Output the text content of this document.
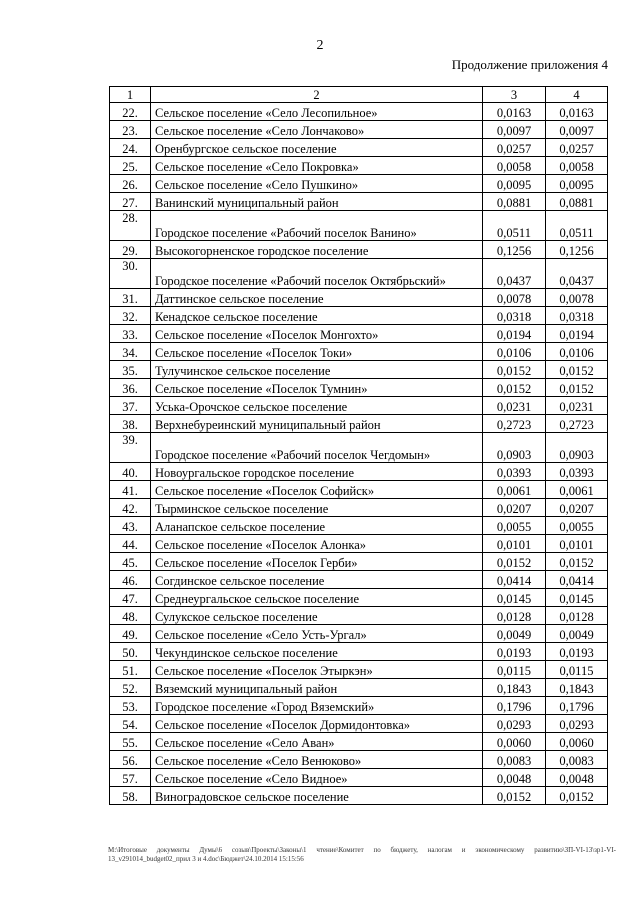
2
Продолжение приложения 4
1	2	3	4
22.	Сельское поселение «Село Лесопильное»	0,0163	0,0163
23.	Сельское поселение «Село Лончаково»	0,0097	0,0097
24.	Оренбургское сельское поселение	0,0257	0,0257
25.	Сельское поселение «Село Покровка»	0,0058	0,0058
26.	Сельское поселение «Село Пушкино»	0,0095	0,0095
27.	Ванинский муниципальный район	0,0881	0,0881
28.	Городское поселение «Рабочий поселок Ванино»	0,0511	0,0511
29.	Высокогорненское городское поселение	0,1256	0,1256
30.	Городское поселение «Рабочий поселок Октябрьский»	0,0437	0,0437
31.	Даттинское сельское поселение	0,0078	0,0078
32.	Кенадское сельское поселение	0,0318	0,0318
33.	Сельское поселение «Поселок Монгохто»	0,0194	0,0194
34.	Сельское поселение «Поселок Токи»	0,0106	0,0106
35.	Тулучинское сельское поселение	0,0152	0,0152
36.	Сельское поселение «Поселок Тумнин»	0,0152	0,0152
37.	Уська-Орочское сельское поселение	0,0231	0,0231
38.	Верхнебуреинский муниципальный район	0,2723	0,2723
39.	Городское поселение «Рабочий поселок Чегдомын»	0,0903	0,0903
40.	Новоургальское городское поселение	0,0393	0,0393
41.	Сельское поселение «Поселок Софийск»	0,0061	0,0061
42.	Тырминское сельское поселение	0,0207	0,0207
43.	Аланапское сельское поселение	0,0055	0,0055
44.	Сельское поселение «Поселок Алонка»	0,0101	0,0101
45.	Сельское поселение «Поселок Герби»	0,0152	0,0152
46.	Согдинское сельское поселение	0,0414	0,0414
47.	Среднеургальское сельское поселение	0,0145	0,0145
48.	Сулукское сельское поселение	0,0128	0,0128
49.	Сельское поселение «Село Усть-Ургал»	0,0049	0,0049
50.	Чекундинское сельское поселение	0,0193	0,0193
51.	Сельское поселение «Поселок Этыркэн»	0,0115	0,0115
52.	Вяземский муниципальный район	0,1843	0,1843
53.	Городское поселение «Город Вяземский»	0,1796	0,1796
54.	Сельское поселение «Поселок Дормидонтовка»	0,0293	0,0293
55.	Сельское поселение «Село Аван»	0,0060	0,0060
56.	Сельское поселение «Село Венюково»	0,0083	0,0083
57.	Сельское поселение «Село Видное»	0,0048	0,0048
58.	Виноградовское сельское поселение	0,0152	0,0152
M:\Итоговые документы Думы\6 созыв\Проекты\Законы\1 чтение\Комитет по бюджету, налогам и экономическому развитию\ЗП-VI-13\зр1-VI-13_v291014_budget02_прил 3 и 4.doc\Бюджет\24.10.2014 15:15:56
